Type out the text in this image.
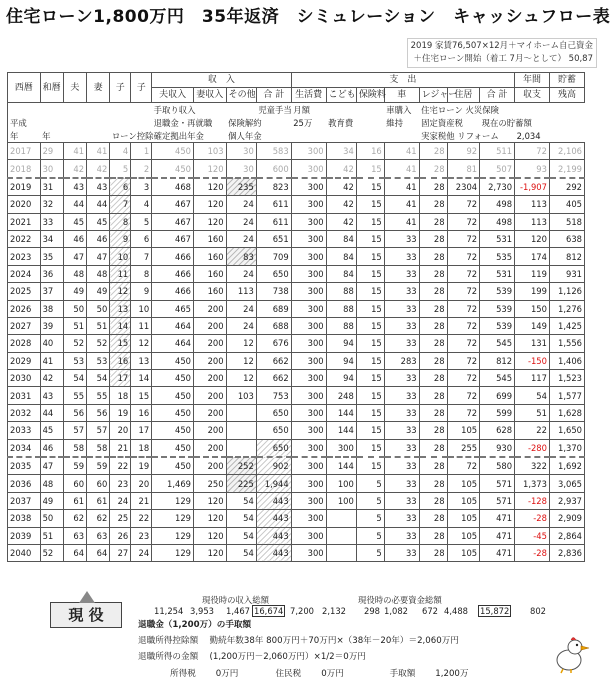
住宅ローン1,800万円　35年返済　シミュレーション　キャッシュフロー表
2019 家賃76,507×12月＋マイホーム自己資金
＋住宅ローン開始（着工 7月～として） 50,87
西暦	和暦	夫	妻	子	子	収　入				支　出							年間	貯蓄
						夫収入	妻収入	その他	合 計	生活費	こども	保険料	車	レジャー	住居	合 計	収支	残高
						手取り収入			児童手当	月額			車購入	住宅ローン 火災保険				
平成						退職金・再就職		保険解約		25万	教育費		維持	固定資産税		現在の貯蓄額		
年	年			ローン控除		確定拠出年金		個人年金						実家税他 リフォーム			2,034	
2017	29	41	41	4	1	450	103	30	583	300	34	16	41	28	92	511	72	2,106
2018	30	42	42	5	2	450	120	30	600	300	42	15	41	28	81	507	93	2,199
2019	31	43	43	6	3	468	120	235	823	300	42	15	41	28	2304	2,730	-1,907	292
2020	32	44	44	7	4	467	120	24	611	300	42	15	41	28	72	498	113	405
2021	33	45	45	8	5	467	120	24	611	300	42	15	41	28	72	498	113	518
2022	34	46	46	9	6	467	160	24	651	300	84	15	33	28	72	531	120	638
2023	35	47	47	10	7	466	160	83	709	300	84	15	33	28	72	535	174	812
2024	36	48	48	11	8	466	160	24	650	300	84	15	33	28	72	531	119	931
2025	37	49	49	12	9	466	160	113	738	300	88	15	33	28	72	539	199	1,126
2026	38	50	50	13	10	465	200	24	689	300	88	15	33	28	72	539	150	1,276
2027	39	51	51	14	11	464	200	24	688	300	88	15	33	28	72	539	149	1,425
2028	40	52	52	15	12	464	200	12	676	300	94	15	33	28	72	545	131	1,556
2029	41	53	53	16	13	450	200	12	662	300	94	15	283	28	72	812	-150	1,406
2030	42	54	54	17	14	450	200	12	662	300	94	15	33	28	72	545	117	1,523
2031	43	55	55	18	15	450	200	103	753	300	248	15	33	28	72	699	54	1,577
2032	44	56	56	19	16	450	200		650	300	144	15	33	28	72	599	51	1,628
2033	45	57	57	20	17	450	200		650	300	144	15	33	28	105	628	22	1,650
2034	46	58	58	21	18	450	200		650	300	300	15	33	28	255	930	-280	1,370
2035	47	59	59	22	19	450	200	252	902	300	144	15	33	28	72	580	322	1,692
2036	48	60	60	23	20	1,469	250	225	1,944	300	100	5	33	28	105	571	1,373	3,065
2037	49	61	61	24	21	129	120	54	443	300	100	5	33	28	105	571	-128	2,937
2038	50	62	62	25	22	129	120	54	443	300		5	33	28	105	471	-28	2,909
2039	51	63	63	26	23	129	120	54	443	300		5	33	28	105	471	-45	2,864
2040	52	64	64	27	24	129	120	54	443	300		5	33	28	105	471	-28	2,836
現役時の収入総額	現役時の必要資金総額
11,254 3,953 1,467 16,674 7,200 2,132 298 1,082 672 4,488 15,872 802
現 役
退職金（1,200万）の手取額
退職所得控除額　 勤続年数38年 800万円＋70万円×（38年－20年）＝2,060万円
退職所得の金額　 (1,200万円－2,060万円）×1/2＝0万円
所得税　　 0万円　　　　	住民税　　 0万円　　　　　	手取額　　 1,200万
